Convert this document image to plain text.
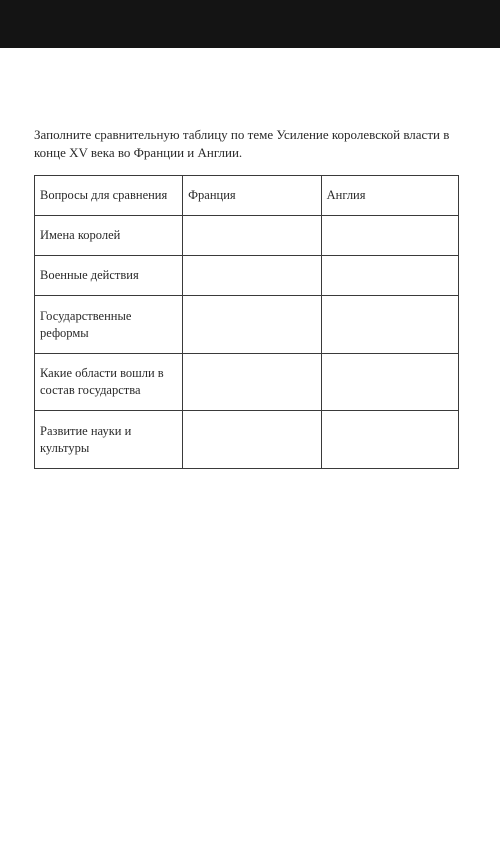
Заполните сравнительную таблицу по теме Усиление королевской власти в конце XV века во Франции и Англии.

Вопросы для сравнения	Франция	Англия
Имена королей		
Военные действия		
Государственные реформы		
Какие области вошли в состав государства		
Развитие науки и культуры		
